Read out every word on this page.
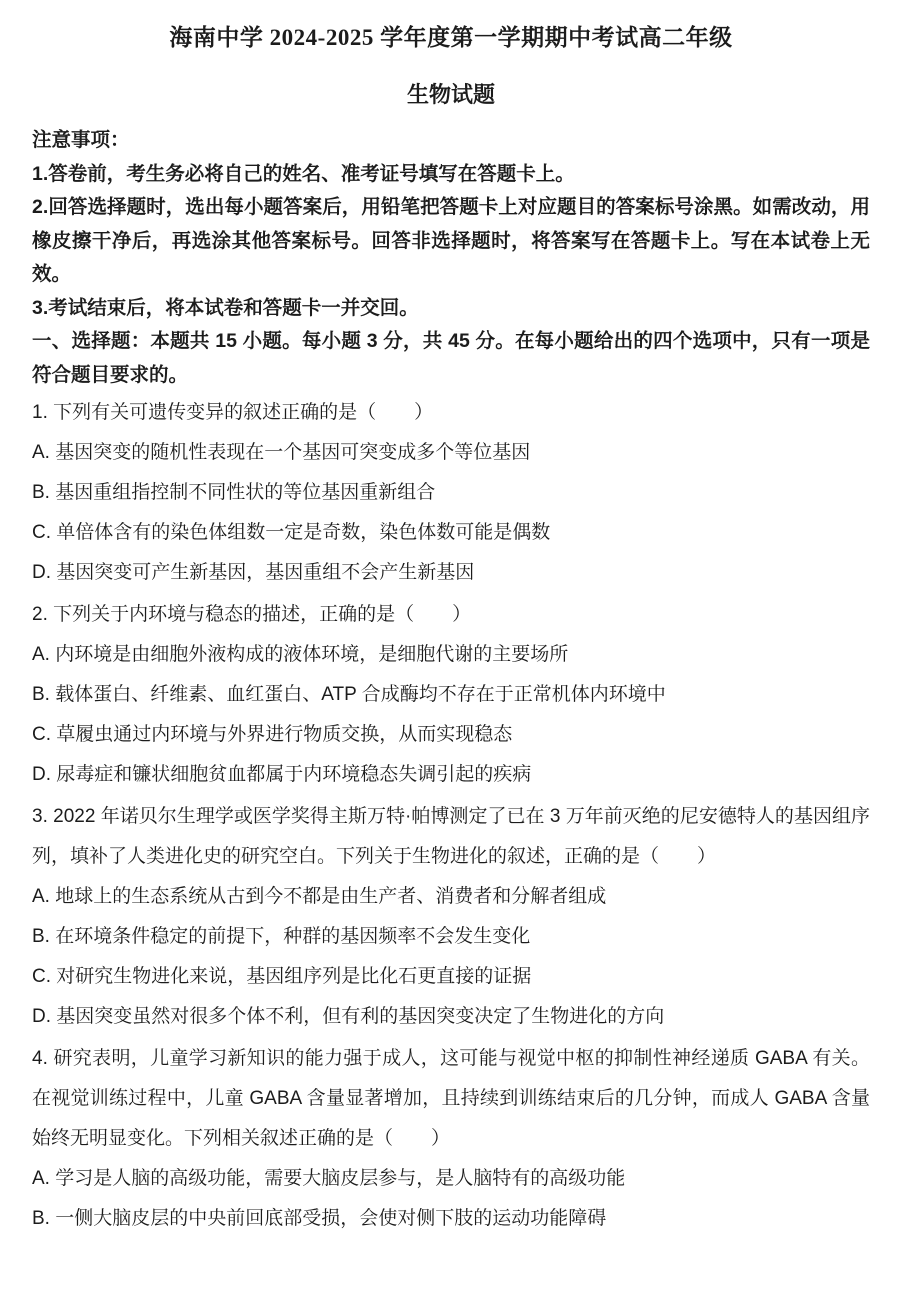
海南中学 2024-2025 学年度第一学期期中考试高二年级
生物试题

注意事项：

1.答卷前，考生务必将自己的姓名、准考证号填写在答题卡上。

2.回答选择题时，选出每小题答案后，用铅笔把答题卡上对应题目的答案标号涂黑。如需改动，用橡皮擦干净后，再选涂其他答案标号。回答非选择题时，将答案写在答题卡上。写在本试卷上无效。

3.考试结束后，将本试卷和答题卡一并交回。

一、选择题：本题共 15 小题。每小题 3 分，共 45 分。在每小题给出的四个选项中，只有一项是符合题目要求的。

1. 下列有关可遗传变异的叙述正确的是（　　）

A. 基因突变的随机性表现在一个基因可突变成多个等位基因

B. 基因重组指控制不同性状的等位基因重新组合

C. 单倍体含有的染色体组数一定是奇数，染色体数可能是偶数

D. 基因突变可产生新基因，基因重组不会产生新基因

2. 下列关于内环境与稳态的描述，正确的是（　　）

A. 内环境是由细胞外液构成的液体环境，是细胞代谢的主要场所

B. 载体蛋白、纤维素、血红蛋白、ATP 合成酶均不存在于正常机体内环境中

C. 草履虫通过内环境与外界进行物质交换，从而实现稳态

D. 尿毒症和镰状细胞贫血都属于内环境稳态失调引起的疾病

3. 2022 年诺贝尔生理学或医学奖得主斯万特·帕博测定了已在 3 万年前灭绝的尼安德特人的基因组序列，填补了人类进化史的研究空白。下列关于生物进化的叙述，正确的是（　　）

A. 地球上的生态系统从古到今不都是由生产者、消费者和分解者组成

B. 在环境条件稳定的前提下，种群的基因频率不会发生变化

C. 对研究生物进化来说，基因组序列是比化石更直接的证据

D. 基因突变虽然对很多个体不利，但有利的基因突变决定了生物进化的方向

4. 研究表明，儿童学习新知识的能力强于成人，这可能与视觉中枢的抑制性神经递质 GABA 有关。在视觉训练过程中，儿童 GABA 含量显著增加，且持续到训练结束后的几分钟，而成人 GABA 含量始终无明显变化。下列相关叙述正确的是（　　）

A. 学习是人脑的高级功能，需要大脑皮层参与，是人脑特有的高级功能

B. 一侧大脑皮层的中央前回底部受损，会使对侧下肢的运动功能障碍
